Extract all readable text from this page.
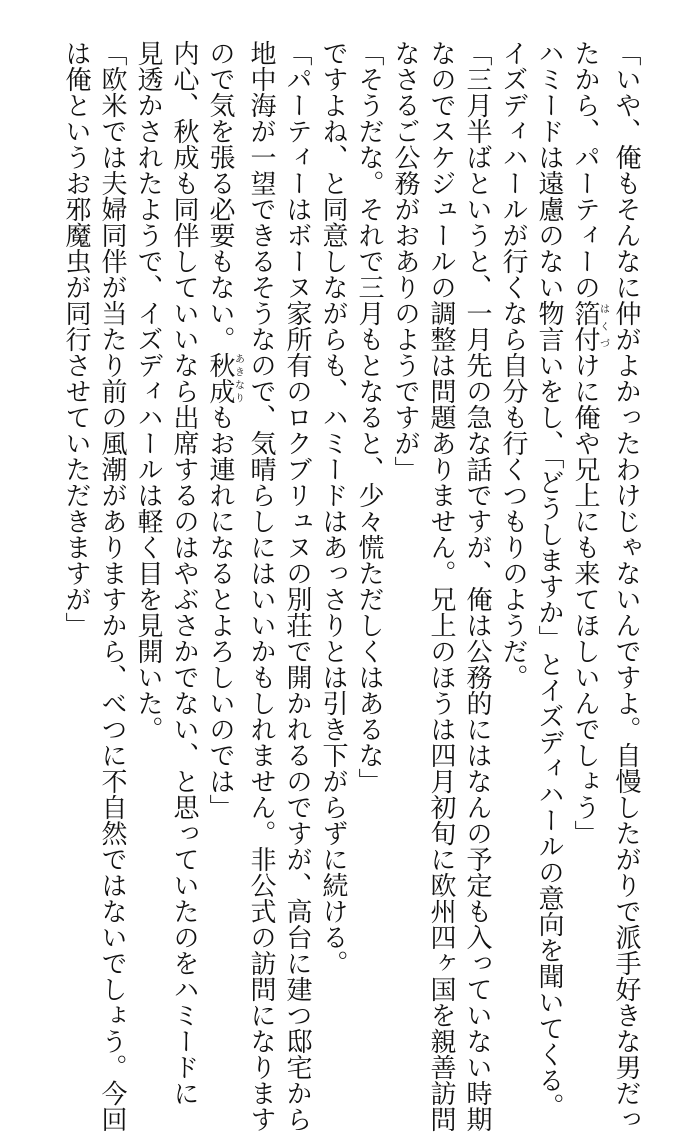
「いや、俺もそんなに仲がよかったわけじゃないんですよ。自慢したがりで派手好きな男だっ
たから、パーティーの箔付はくづけに俺や兄上にも来てほしいんでしょう」
ハミードは遠慮のない物言いをし、「どうしますか」とイズディハールの意向を聞いてくる。
イズディハールが行くなら自分も行くつもりのようだ。
「三月半ばというと、一月先の急な話ですが、俺は公務的にはなんの予定も入っていない時期
なのでスケジュールの調整は問題ありません。兄上のほうは四月初旬に欧州四ヶ国を親善訪問
なさるご公務がおありのようですが」
「そうだな。それで三月もとなると、少々慌ただしくはあるな」
ですよね、と同意しながらも、ハミードはあっさりとは引き下がらずに続ける。
「パーティーはボーヌ家所有のロクブリュヌの別荘で開かれるのですが、高台に建つ邸宅から
地中海が一望できるそうなので、気晴らしにはいいかもしれません。非公式の訪問になります
ので気を張る必要もない。秋成あきなりもお連れになるとよろしいのでは」
内心、秋成も同伴していいなら出席するのはやぶさかでない、と思っていたのをハミードに
見透かされたようで、イズディハールは軽く目を見開いた。
「欧米では夫婦同伴が当たり前の風潮がありますから、べつに不自然ではないでしょう。今回
は俺というお邪魔虫が同行させていただきますが」
